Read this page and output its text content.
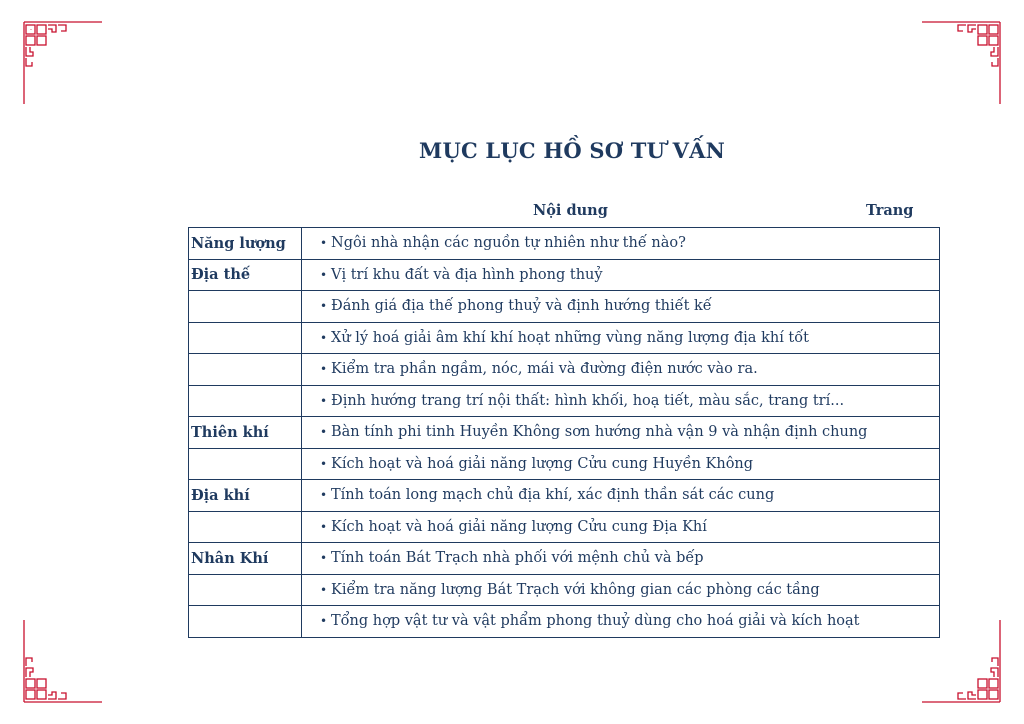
MỤC LỤC HỒ SƠ TƯ VẤN
Nội dung	Trang
Năng lượng	• Ngôi nhà nhận các nguồn tự nhiên như thế nào?
Địa thế	• Vị trí khu đất và địa hình phong thuỷ
	• Đánh giá địa thế phong thuỷ và định hướng thiết kế
	• Xử lý hoá giải âm khí khí hoạt những vùng năng lượng địa khí tốt
	• Kiểm tra phần ngầm, nóc, mái và đường điện nước vào ra.
	• Định hướng trang trí nội thất: hình khối, hoạ tiết, màu sắc, trang trí...
Thiên khí	• Bàn tính phi tinh Huyền Không sơn hướng nhà vận 9 và nhận định chung
	• Kích hoạt và hoá giải năng lượng Cửu cung Huyền Không
Địa khí	• Tính toán long mạch chủ địa khí, xác định thần sát các cung
	• Kích hoạt và hoá giải năng lượng Cửu cung Địa Khí
Nhân Khí	• Tính toán Bát Trạch nhà phối với mệnh chủ và bếp
	• Kiểm tra năng lượng Bát Trạch với không gian các phòng các tầng
	• Tổng hợp vật tư và vật phẩm phong thuỷ dùng cho hoá giải và kích hoạt
